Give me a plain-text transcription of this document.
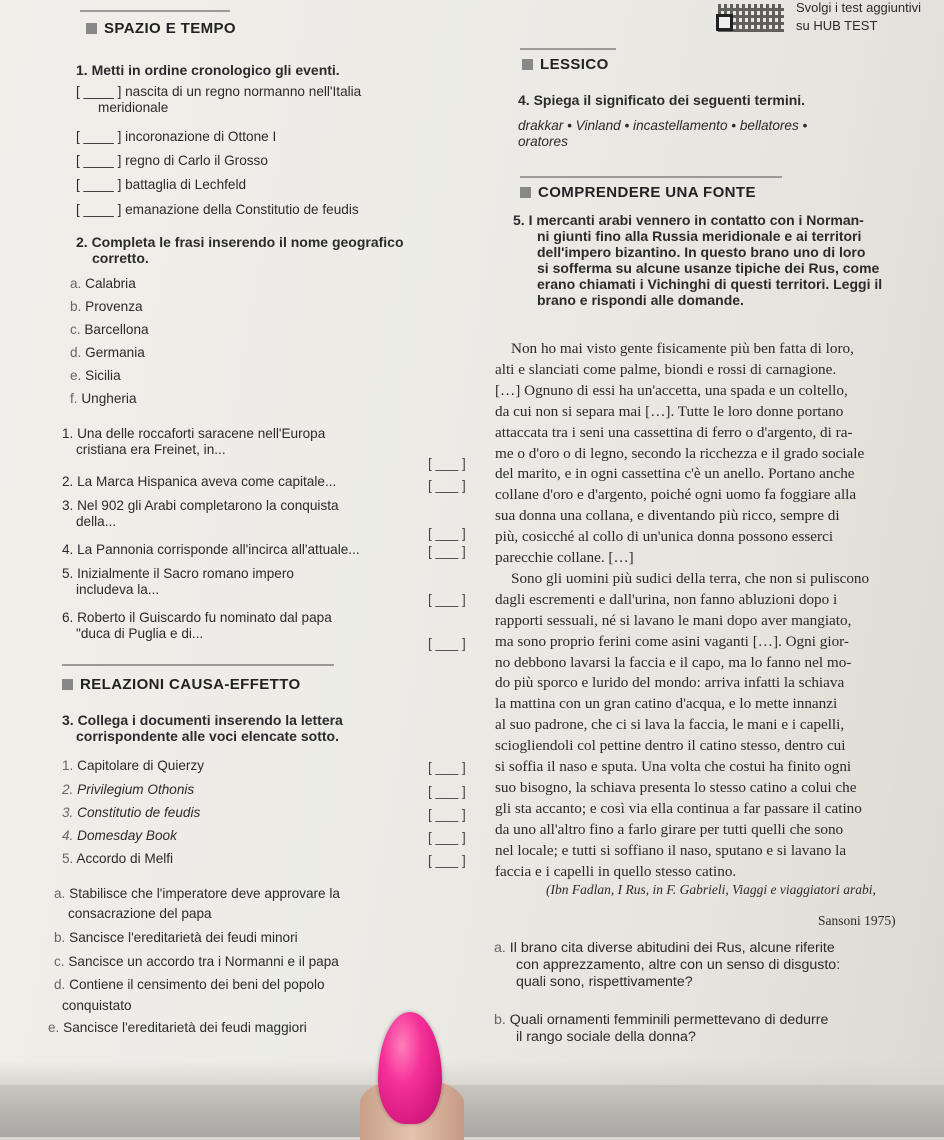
SPAZIO E TEMPO
Svolgi i test aggiuntivi
su HUB TEST
1. Metti in ordine cronologico gli eventi.
[ ____ ] nascita di un regno normanno nell'Italia
meridionale
[ ____ ] incoronazione di Ottone I
[ ____ ] regno di Carlo il Grosso
[ ____ ] battaglia di Lechfeld
[ ____ ] emanazione della Constitutio de feudis
2. Completa le frasi inserendo il nome geografico
corretto.
a. Calabria
b. Provenza
c. Barcellona
d. Germania
e. Sicilia
f. Ungheria
1. Una delle roccaforti saracene nell'Europa
cristiana era Freinet, in...
[ ___ ]
2. La Marca Hispanica aveva come capitale...	[ ___ ]
3. Nel 902 gli Arabi completarono la conquista
della...
[ ___ ]
4. La Pannonia corrisponde all'incirca all'attuale...	[ ___ ]
5. Inizialmente il Sacro romano impero
includeva la...
[ ___ ]
6. Roberto il Guiscardo fu nominato dal papa
"duca di Puglia e di...
[ ___ ]
RELAZIONI CAUSA-EFFETTO
3. Collega i documenti inserendo la lettera
corrispondente alle voci elencate sotto.
1. Capitolare di Quierzy	[ ___ ]
2. Privilegium Othonis	[ ___ ]
3. Constitutio de feudis	[ ___ ]
4. Domesday Book	[ ___ ]
5. Accordo di Melfi	[ ___ ]
a. Stabilisce che l'imperatore deve approvare la
consacrazione del papa
b. Sancisce l'ereditarietà dei feudi minori
c. Sancisce un accordo tra i Normanni e il papa
d. Contiene il censimento dei beni del popolo
conquistato
e. Sancisce l'ereditarietà dei feudi maggiori
LESSICO
4. Spiega il significato dei seguenti termini.
drakkar • Vinland • incastellamento • bellatores •
oratores
COMPRENDERE UNA FONTE
5. I mercanti arabi vennero in contatto con i Norman-
ni giunti fino alla Russia meridionale e ai territori
dell'impero bizantino. In questo brano uno di loro
si sofferma su alcune usanze tipiche dei Rus, come
erano chiamati i Vichinghi di questi territori. Leggi il
brano e rispondi alle domande.
Non ho mai visto gente fisicamente più ben fatta di loro,
alti e slanciati come palme, biondi e rossi di carnagione.
[…] Ognuno di essi ha un'accetta, una spada e un coltello,
da cui non si separa mai […]. Tutte le loro donne portano
attaccata tra i seni una cassettina di ferro o d'argento, di ra-
me o d'oro o di legno, secondo la ricchezza e il grado sociale
del marito, e in ogni cassettina c'è un anello. Portano anche
collane d'oro e d'argento, poiché ogni uomo fa foggiare alla
sua donna una collana, e diventando più ricco, sempre di
più, cosicché al collo di un'unica donna possono esserci
parecchie collane. […]
Sono gli uomini più sudici della terra, che non si puliscono
dagli escrementi e dall'urina, non fanno abluzioni dopo i
rapporti sessuali, né si lavano le mani dopo aver mangiato,
ma sono proprio ferini come asini vaganti […]. Ogni gior-
no debbono lavarsi la faccia e il capo, ma lo fanno nel mo-
do più sporco e lurido del mondo: arriva infatti la schiava
la mattina con un gran catino d'acqua, e lo mette innanzi
al suo padrone, che ci si lava la faccia, le mani e i capelli,
sciogliendoli col pettine dentro il catino stesso, dentro cui
si soffia il naso e sputa. Una volta che costui ha finito ogni
suo bisogno, la schiava presenta lo stesso catino a colui che
gli sta accanto; e così via ella continua a far passare il catino
da uno all'altro fino a farlo girare per tutti quelli che sono
nel locale; e tutti si soffiano il naso, sputano e si lavano la
faccia e i capelli in quello stesso catino.
(Ibn Fadlan, I Rus, in F. Gabrieli, Viaggi e viaggiatori arabi,
Sansoni 1975)
a. Il brano cita diverse abitudini dei Rus, alcune riferite
con apprezzamento, altre con un senso di disgusto:
quali sono, rispettivamente?
b. Quali ornamenti femminili permettevano di dedurre
il rango sociale della donna?
